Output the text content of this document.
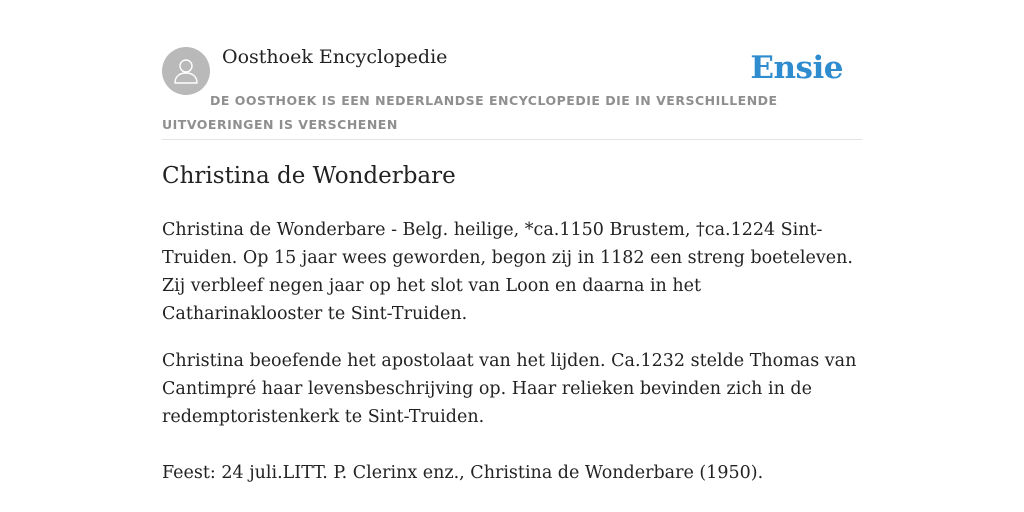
Oosthoek Encyclopedie	Ensie
DE OOSTHOEK IS EEN NEDERLANDSE ENCYCLOPEDIE DIE IN VERSCHILLENDE UITVOERINGEN IS VERSCHENEN
Christina de Wonderbare

Christina de Wonderbare - Belg. heilige, *ca.1150 Brustem, †ca.1224 Sint-Truiden. Op 15 jaar wees geworden, begon zij in 1182 een streng boeteleven. Zij verbleef negen jaar op het slot van Loon en daarna in het Catharinaklooster te Sint-Truiden.

Christina beoefende het apostolaat van het lijden. Ca.1232 stelde Thomas van Cantimpré haar levensbeschrijving op. Haar relieken bevinden zich in de redemptoristenkerk te Sint-Truiden.

Feest: 24 juli.LITT. P. Clerinx enz., Christina de Wonderbare (1950).
